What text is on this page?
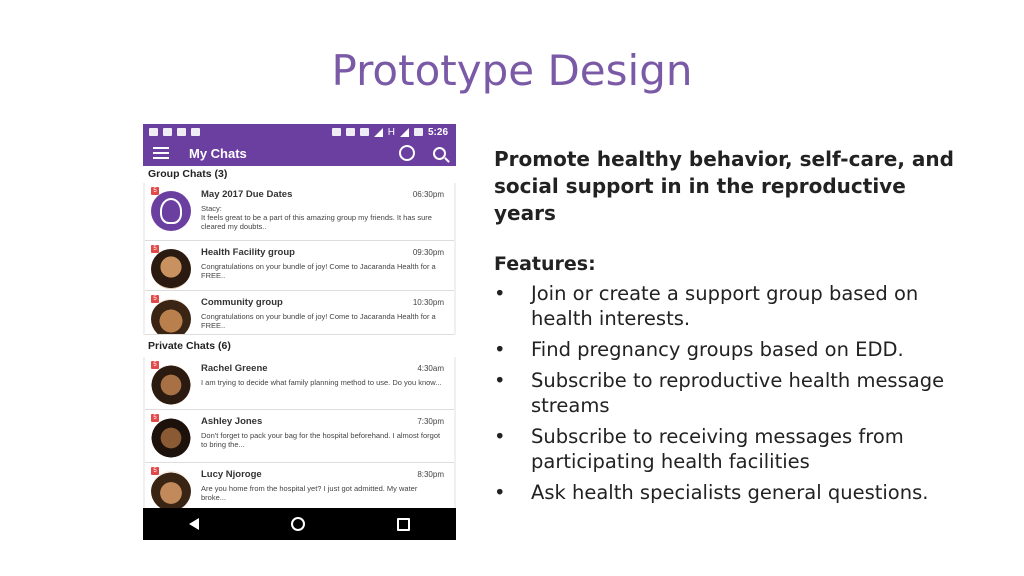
Prototype Design
H	5:26
My Chats
Group Chats (3)
5	May 2017 Due Dates	06:30pm
Stacy:
It feels great to be a part of this amazing group my friends. It has sure cleared my doubts..
5	Health Facility group	09:30pm
Congratulations on your bundle of joy! Come to Jacaranda Health for a FREE..
5	Community group	10:30pm
Congratulations on your bundle of joy! Come to Jacaranda Health for a FREE..
Private Chats (6)
5	Rachel Greene	4:30am
I am trying to decide what family planning method to use. Do you know...
5	Ashley Jones	7:30pm
Don't forget to pack your bag for the hospital beforehand. I almost forgot to bring the...
5	Lucy Njoroge	8:30pm
Are you home from the hospital yet? I just got admitted. My water broke...

Promote healthy behavior, self-care, and social support in in the reproductive years

Features:
• Join or create a support group based on health interests.
• Find pregnancy groups based on EDD.
• Subscribe to reproductive health message streams
• Subscribe to receiving messages from participating health facilities
• Ask health specialists general questions.
